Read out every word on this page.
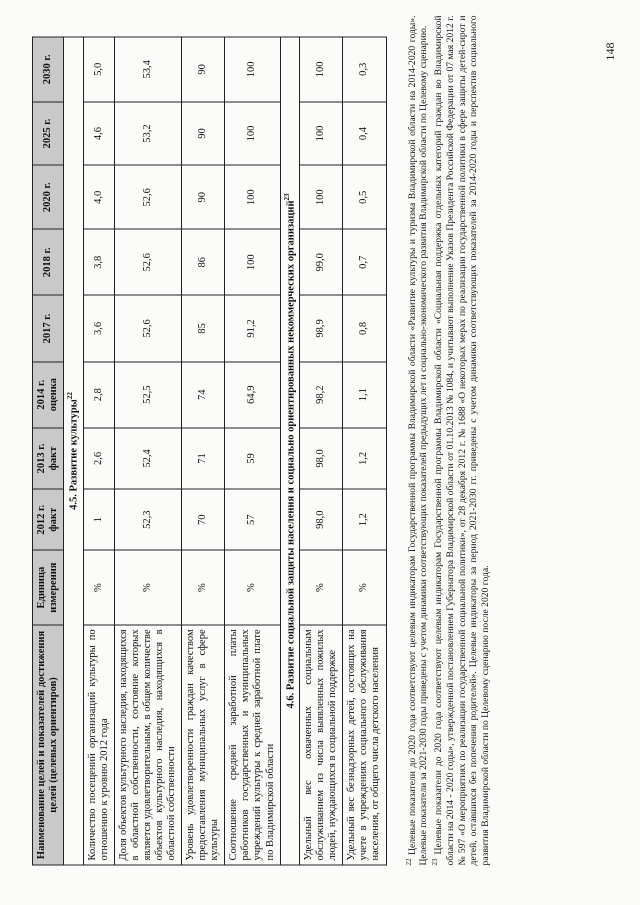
Наименование целей и показателей достижения целей (целевых ориентиров)	Единица измерения	2012 г. факт	2013 г. факт	2014 г. оценка	2017 г.	2018 г.	2020 г.	2025 г.	2030 г.
4.5. Развитие культуры$^{22}$
Количество посещений организаций культуры по отношению к уровню 2012 года	%	1	2,6	2,8	3,6	3,8	4,0	4,6	5,0
Доля объектов культурного наследия, находящихся в областной собственности, состояние которых является удовлетворительным, в общем количестве объектов культурного наследия, находящихся в областной собственности	%	52,3	52,4	52,5	52,6	52,6	52,6	53,2	53,4
Уровень удовлетворенности граждан качеством предоставления муниципальных услуг в сфере культуры	%	70	71	74	85	86	90	90	90
Соотношение средней заработной платы работников государственных и муниципальных учреждений культуры к средней заработной плате по Владимирской области	%	57	59	64,9	91,2	100	100	100	100
4.6. Развитие социальной защиты населения и социально ориентированных некоммерческих организаций$^{23}$
Удельный вес охваченных социальным обслуживанием из числа выявленных пожилых людей, нуждающихся в социальной поддержке	%	98,0	98,0	98,2	98,9	99,0	100	100	100
Удельный вес безнадзорных детей, состоящих на учете в учреждениях социального обслуживания населения, от общего числа детского населения	%	1,2	1,2	1,1	0,8	0,7	0,5	0,4	0,3

$^{22}$ Целевые показатели до 2020 года соответствуют целевым индикаторам Государственной программы Владимирской области «Развитие культуры и туризма Владимирской области на 2014-2020 годы». Целевые показатели за 2021-2030 годы приведены с учетом динамики соответствующих показателей предыдущих лет и социально-экономического развития Владимирской области по Целевому сценарию. $^{23}$ Целевые показатели до 2020 года соответствуют целевым индикаторам Государственной программы Владимирской области «Социальная поддержка отдельных категорий граждан во Владимирской области на 2014 - 2020 годы», утвержденной постановлением Губернатора Владимирской области от 01.10.2013 № 1084, и учитывают выполнение Указов Президента Российской Федерации от 07 мая 2012 г. № 597 «О мероприятиях по реализации государственной социальной политики», от 28 декабря 2012 г. № 1688 «О некоторых мерах по реализации государственной политики в сфере защиты детей-сирот и детей, оставшихся без попечения родителей». Целевые индикаторы за период 2021-2030 гг. приведены с учетом динамики соответствующих показателей за 2014-2020 годы и перспектив социального развития Владимирской области по Целевому сценарию после 2020 года.

148
